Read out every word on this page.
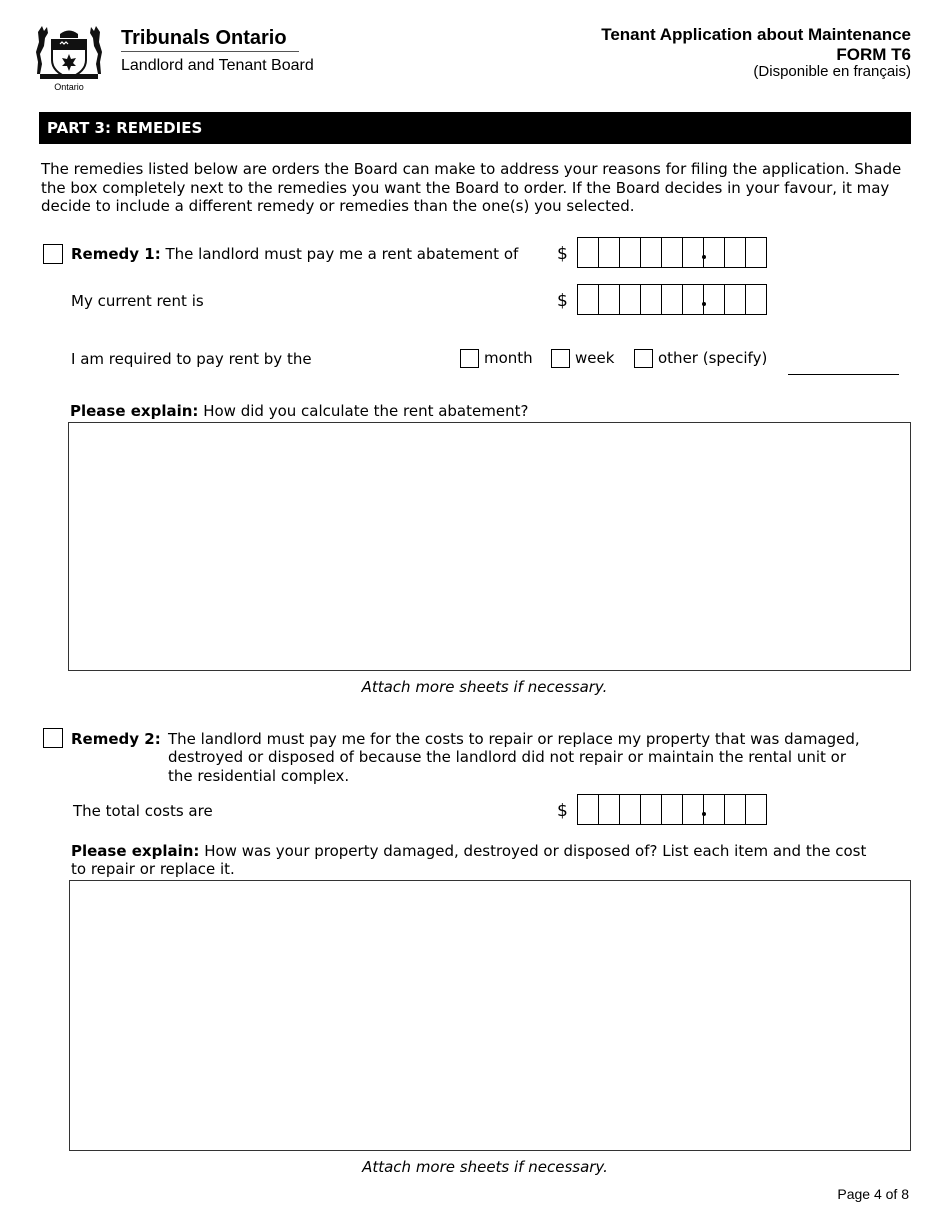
Ontario
Tribunals Ontario
Landlord and Tenant Board
Tenant Application about Maintenance
FORM T6
(Disponible en français)
PART 3: REMEDIES
The remedies listed below are orders the Board can make to address your reasons for filing the application. Shade the box completely next to the remedies you want the Board to order. If the Board decides in your favour, it may decide to include a different remedy or remedies than the one(s) you selected.
Remedy 1: The landlord must pay me a rent abatement of $
My current rent is	$
I am required to pay rent by the	month	week	other (specify)
Please explain: How did you calculate the rent abatement?
Attach more sheets if necessary.
Remedy 2: The landlord must pay me for the costs to repair or replace my property that was damaged,
destroyed or disposed of because the landlord did not repair or maintain the rental unit or
the residential complex.
The total costs are	$
Please explain: How was your property damaged, destroyed or disposed of? List each item and the cost
to repair or replace it.
Attach more sheets if necessary.
Page 4 of 8
